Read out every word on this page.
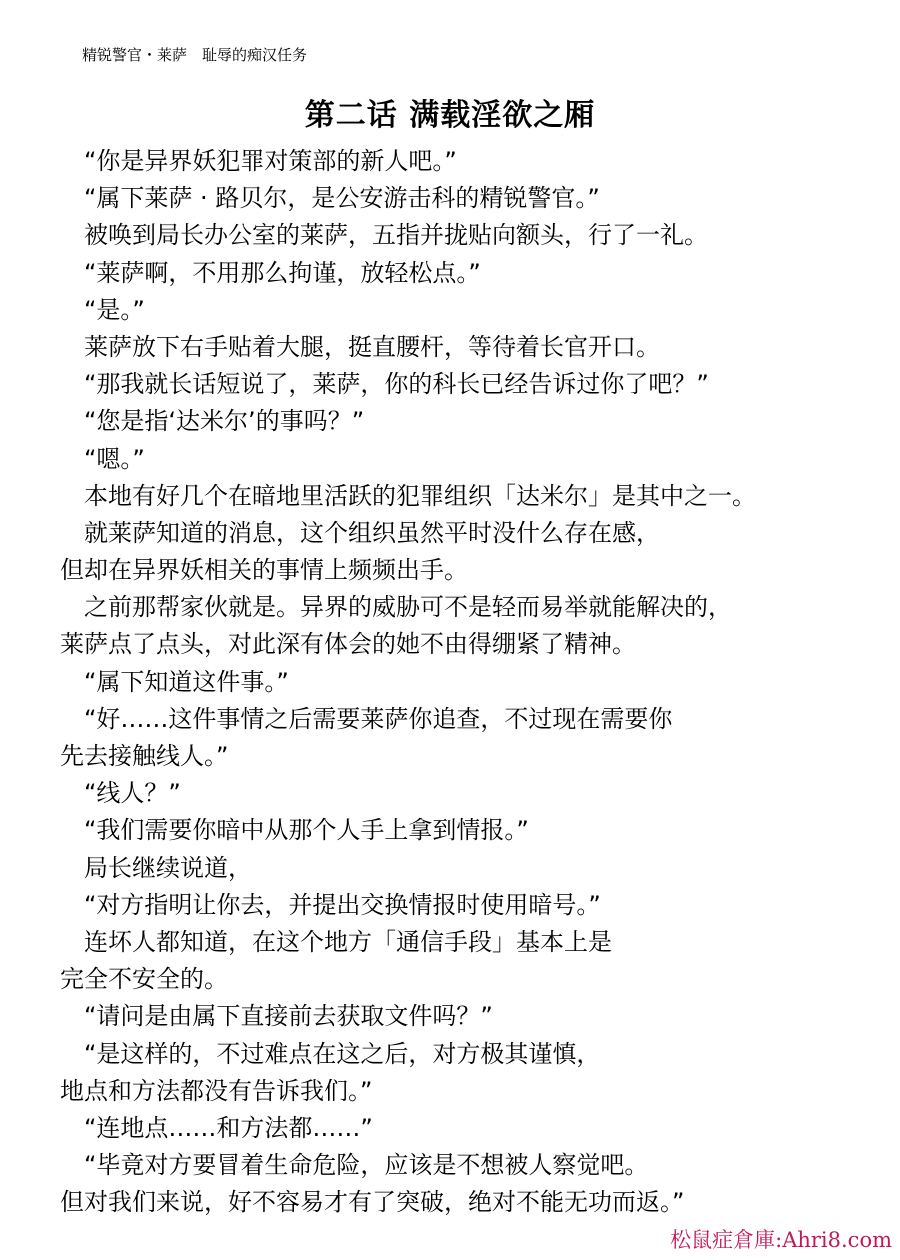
精锐警官・莱萨　耻辱的痴汉任务
第二话 满载淫欲之厢
　“你是异界妖犯罪对策部的新人吧。”
　“属下莱萨 · 路贝尔，是公安游击科的精锐警官。”
　被唤到局长办公室的莱萨，五指并拢贴向额头，行了一礼。
　“莱萨啊，不用那么拘谨，放轻松点。”
　“是。”
　莱萨放下右手贴着大腿，挺直腰杆，等待着长官开口。
　“那我就长话短说了，莱萨，你的科长已经告诉过你了吧？”
　“您是指‘达米尔’的事吗？”
　“嗯。”
　本地有好几个在暗地里活跃的犯罪组织「达米尔」是其中之一。
　就莱萨知道的消息，这个组织虽然平时没什么存在感，
但却在异界妖相关的事情上频频出手。
　之前那帮家伙就是。异界的威胁可不是轻而易举就能解决的，
莱萨点了点头，对此深有体会的她不由得绷紧了精神。
　“属下知道这件事。”
　“好……这件事情之后需要莱萨你追查，不过现在需要你
先去接触线人。”
　“线人？”
　“我们需要你暗中从那个人手上拿到情报。”
　局长继续说道，
　“对方指明让你去，并提出交换情报时使用暗号。”
　连坏人都知道，在这个地方「通信手段」基本上是
完全不安全的。
　“请问是由属下直接前去获取文件吗？”
　“是这样的，不过难点在这之后，对方极其谨慎，
地点和方法都没有告诉我们。”
　“连地点……和方法都……”
　“毕竟对方要冒着生命危险，应该是不想被人察觉吧。
但对我们来说，好不容易才有了突破，绝对不能无功而返。”
松鼠症倉庫:Ahri8.com
